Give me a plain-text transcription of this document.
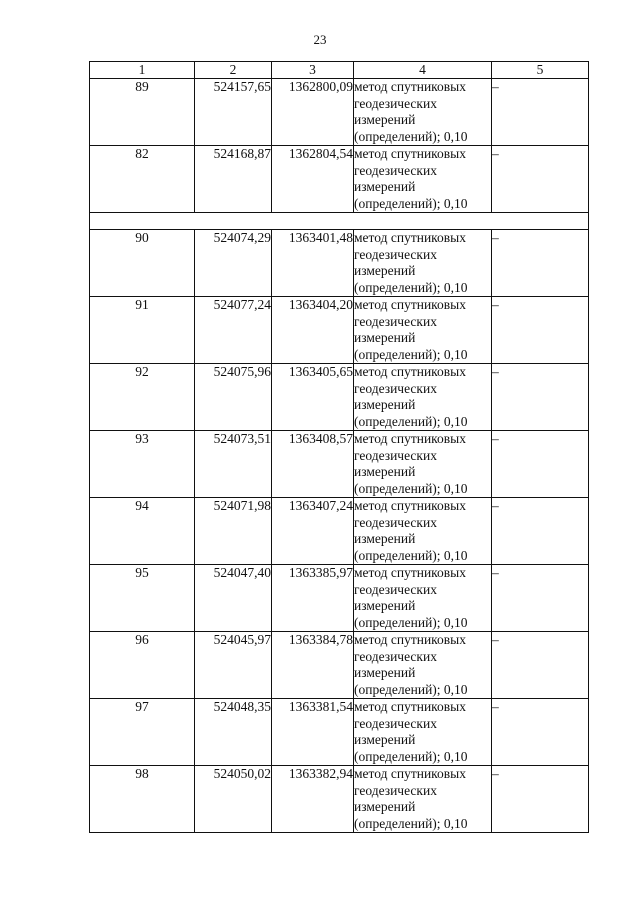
23
1	2	3	4	5
89	524157,65	1362800,09	метод спутниковых геодезических измерений (определений); 0,10	–
82	524168,87	1362804,54	метод спутниковых геодезических измерений (определений); 0,10	–

90	524074,29	1363401,48	метод спутниковых геодезических измерений (определений); 0,10	–
91	524077,24	1363404,20	метод спутниковых геодезических измерений (определений); 0,10	–
92	524075,96	1363405,65	метод спутниковых геодезических измерений (определений); 0,10	–
93	524073,51	1363408,57	метод спутниковых геодезических измерений (определений); 0,10	–
94	524071,98	1363407,24	метод спутниковых геодезических измерений (определений); 0,10	–
95	524047,40	1363385,97	метод спутниковых геодезических измерений (определений); 0,10	–
96	524045,97	1363384,78	метод спутниковых геодезических измерений (определений); 0,10	–
97	524048,35	1363381,54	метод спутниковых геодезических измерений (определений); 0,10	–
98	524050,02	1363382,94	метод спутниковых геодезических измерений (определений); 0,10	–
